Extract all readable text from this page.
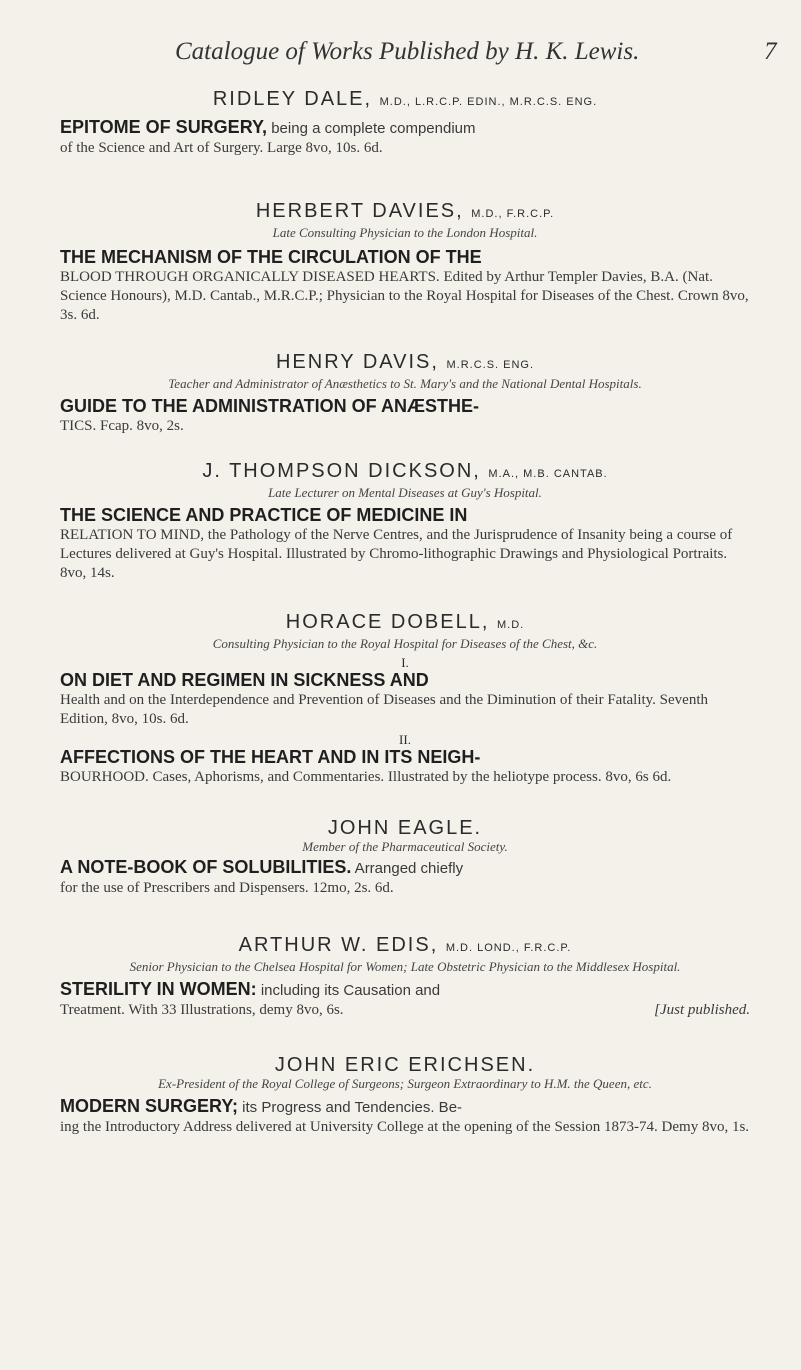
Catalogue of Works Published by H. K. Lewis.	7
RIDLEY DALE, M.D., L.R.C.P. EDIN., M.R.C.S. ENG.
EPITOME OF SURGERY, being a complete compendium
of the Science and Art of Surgery. Large 8vo, 10s. 6d.
HERBERT DAVIES, M.D., F.R.C.P.
Late Consulting Physician to the London Hospital.
THE MECHANISM OF THE CIRCULATION OF THE
BLOOD THROUGH ORGANICALLY DISEASED HEARTS. Edited by Arthur Templer Davies, B.A. (Nat. Science Honours), M.D. Cantab., M.R.C.P.; Physician to the Royal Hospital for Diseases of the Chest. Crown 8vo, 3s. 6d.
HENRY DAVIS, M.R.C.S. ENG.
Teacher and Administrator of Anæsthetics to St. Mary's and the National Dental Hospitals.
GUIDE TO THE ADMINISTRATION OF ANÆSTHE-
TICS. Fcap. 8vo, 2s.
J. THOMPSON DICKSON, M.A., M.B. CANTAB.
Late Lecturer on Mental Diseases at Guy's Hospital.
THE SCIENCE AND PRACTICE OF MEDICINE IN
RELATION TO MIND, the Pathology of the Nerve Centres, and the Jurisprudence of Insanity being a course of Lectures delivered at Guy's Hospital. Illustrated by Chromo-lithographic Drawings and Physiological Portraits. 8vo, 14s.
HORACE DOBELL, M.D.
Consulting Physician to the Royal Hospital for Diseases of the Chest, &c.
I.
ON DIET AND REGIMEN IN SICKNESS AND
Health and on the Interdependence and Prevention of Diseases and the Diminution of their Fatality. Seventh Edition, 8vo, 10s. 6d.
II.
AFFECTIONS OF THE HEART AND IN ITS NEIGH-
BOURHOOD. Cases, Aphorisms, and Commentaries. Illustrated by the heliotype process. 8vo, 6s 6d.
JOHN EAGLE.
Member of the Pharmaceutical Society.
A NOTE-BOOK OF SOLUBILITIES. Arranged chiefly
for the use of Prescribers and Dispensers. 12mo, 2s. 6d.
ARTHUR W. EDIS, M.D. LOND., F.R.C.P.
Senior Physician to the Chelsea Hospital for Women; Late Obstetric Physician to the Middlesex Hospital.
STERILITY IN WOMEN: including its Causation and
Treatment. With 33 Illustrations, demy 8vo, 6s.	[Just published.
JOHN ERIC ERICHSEN.
Ex-President of the Royal College of Surgeons; Surgeon Extraordinary to H.M. the Queen, etc.
MODERN SURGERY; its Progress and Tendencies. Be-
ing the Introductory Address delivered at University College at the opening of the Session 1873-74. Demy 8vo, 1s.
